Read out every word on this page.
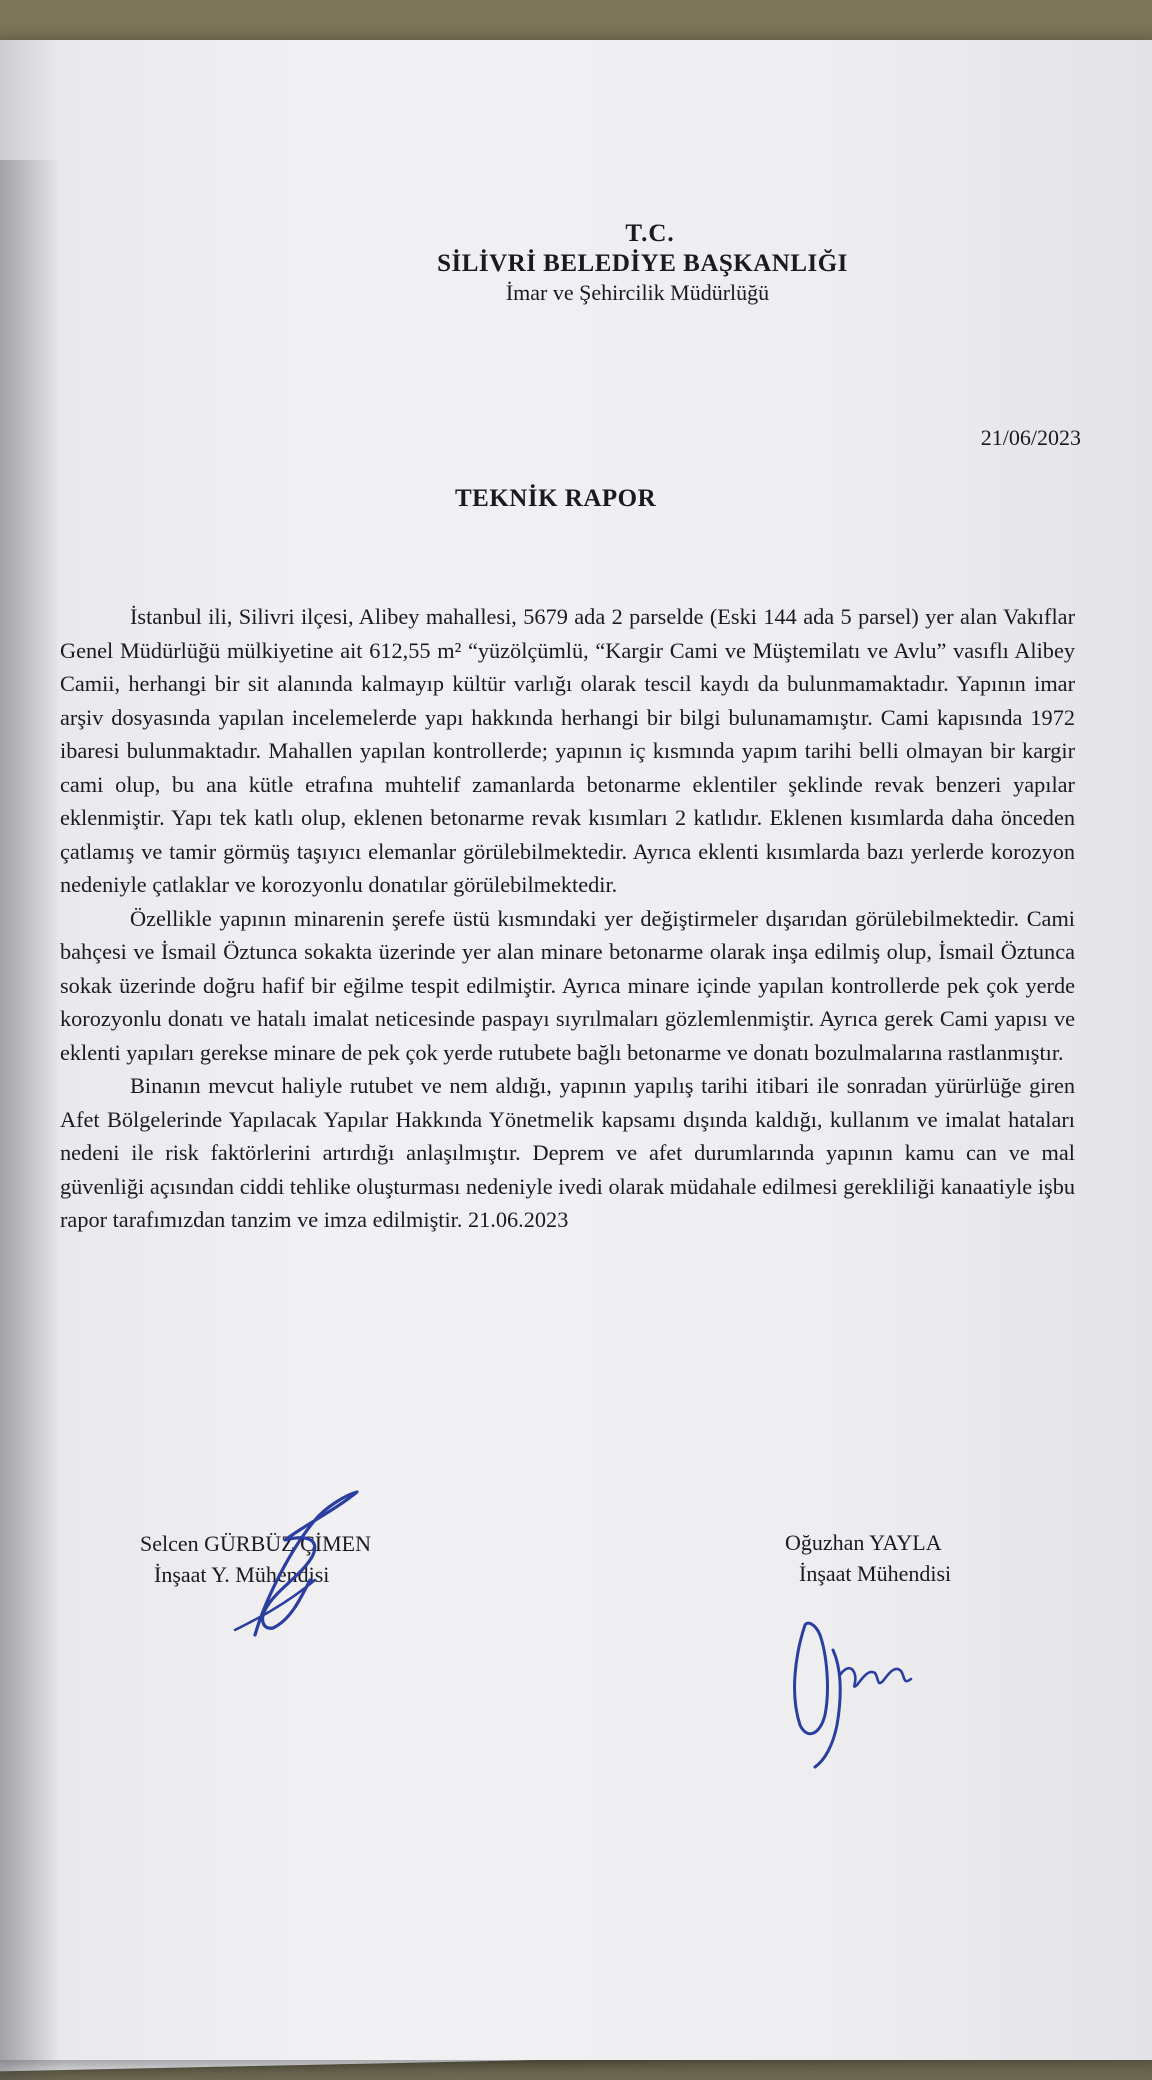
T.C.
SİLİVRİ BELEDİYE BAŞKANLIĞI
İmar ve Şehircilik Müdürlüğü
21/06/2023
TEKNİK RAPOR

İstanbul ili, Silivri ilçesi, Alibey mahallesi, 5679 ada 2 parselde (Eski 144 ada 5 parsel) yer alan Vakıflar Genel Müdürlüğü mülkiyetine ait 612,55 m² “yüzölçümlü, “Kargir Cami ve Müştemilatı ve Avlu” vasıflı Alibey Camii, herhangi bir sit alanında kalmayıp kültür varlığı olarak tescil kaydı da bulunmamaktadır. Yapının imar arşiv dosyasında yapılan incelemelerde yapı hakkında herhangi bir bilgi bulunamamıştır. Cami kapısında 1972 ibaresi bulunmaktadır. Mahallen yapılan kontrollerde; yapının iç kısmında yapım tarihi belli olmayan bir kargir cami olup, bu ana kütle etrafına muhtelif zamanlarda betonarme eklentiler şeklinde revak benzeri yapılar eklenmiştir. Yapı tek katlı olup, eklenen betonarme revak kısımları 2 katlıdır. Eklenen kısımlarda daha önceden çatlamış ve tamir görmüş taşıyıcı elemanlar görülebilmektedir. Ayrıca eklenti kısımlarda bazı yerlerde korozyon nedeniyle çatlaklar ve korozyonlu donatılar görülebilmektedir.

Özellikle yapının minarenin şerefe üstü kısmındaki yer değiştirmeler dışarıdan görülebilmektedir. Cami bahçesi ve İsmail Öztunca sokakta üzerinde yer alan minare betonarme olarak inşa edilmiş olup, İsmail Öztunca sokak üzerinde doğru hafif bir eğilme tespit edilmiştir. Ayrıca minare içinde yapılan kontrollerde pek çok yerde korozyonlu donatı ve hatalı imalat neticesinde paspayı sıyrılmaları gözlemlenmiştir. Ayrıca gerek Cami yapısı ve eklenti yapıları gerekse minare de pek çok yerde rutubete bağlı betonarme ve donatı bozulmalarına rastlanmıştır.

Binanın mevcut haliyle rutubet ve nem aldığı, yapının yapılış tarihi itibari ile sonradan yürürlüğe giren Afet Bölgelerinde Yapılacak Yapılar Hakkında Yönetmelik kapsamı dışında kaldığı, kullanım ve imalat hataları nedeni ile risk faktörlerini artırdığı anlaşılmıştır. Deprem ve afet durumlarında yapının kamu can ve mal güvenliği açısından ciddi tehlike oluşturması nedeniyle ivedi olarak müdahale edilmesi gerekliliği kanaatiyle işbu rapor tarafımızdan tanzim ve imza edilmiştir. 21.06.2023

Selcen GÜRBÜZ ÇİMEN
İnşaat Y. Mühendisi
Oğuzhan YAYLA
İnşaat Mühendisi
